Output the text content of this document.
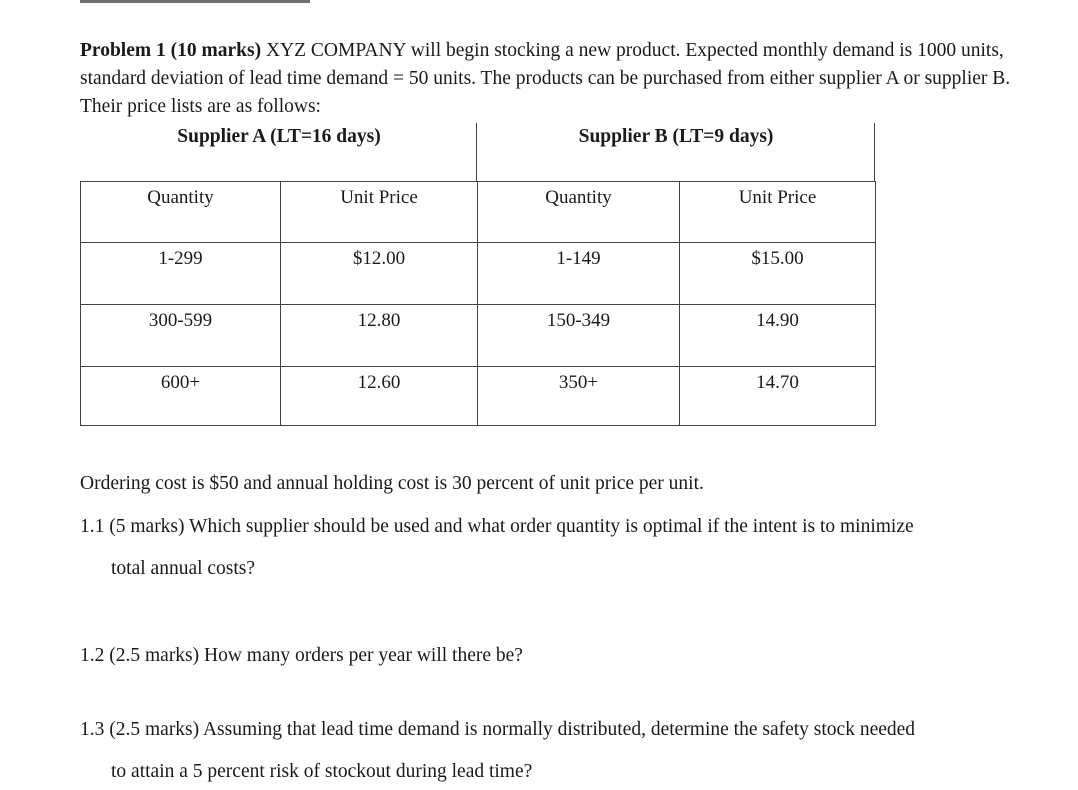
Problem 1 (10 marks) XYZ COMPANY will begin stocking a new product. Expected monthly demand is 1000 units, standard deviation of lead time demand = 50 units. The products can be purchased from either supplier A or supplier B. Their price lists are as follows:
Supplier A (LT=16 days)	Supplier B (LT=9 days)
Quantity	Unit Price	Quantity	Unit Price
1-299	$12.00	1-149	$15.00
300-599	12.80	150-349	14.90
600+	12.60	350+	14.70
Ordering cost is $50 and annual holding cost is 30 percent of unit price per unit.
1.1 (5 marks) Which supplier should be used and what order quantity is optimal if the intent is to minimize
total annual costs?
1.2 (2.5 marks) How many orders per year will there be?
1.3 (2.5 marks) Assuming that lead time demand is normally distributed, determine the safety stock needed
to attain a 5 percent risk of stockout during lead time?
